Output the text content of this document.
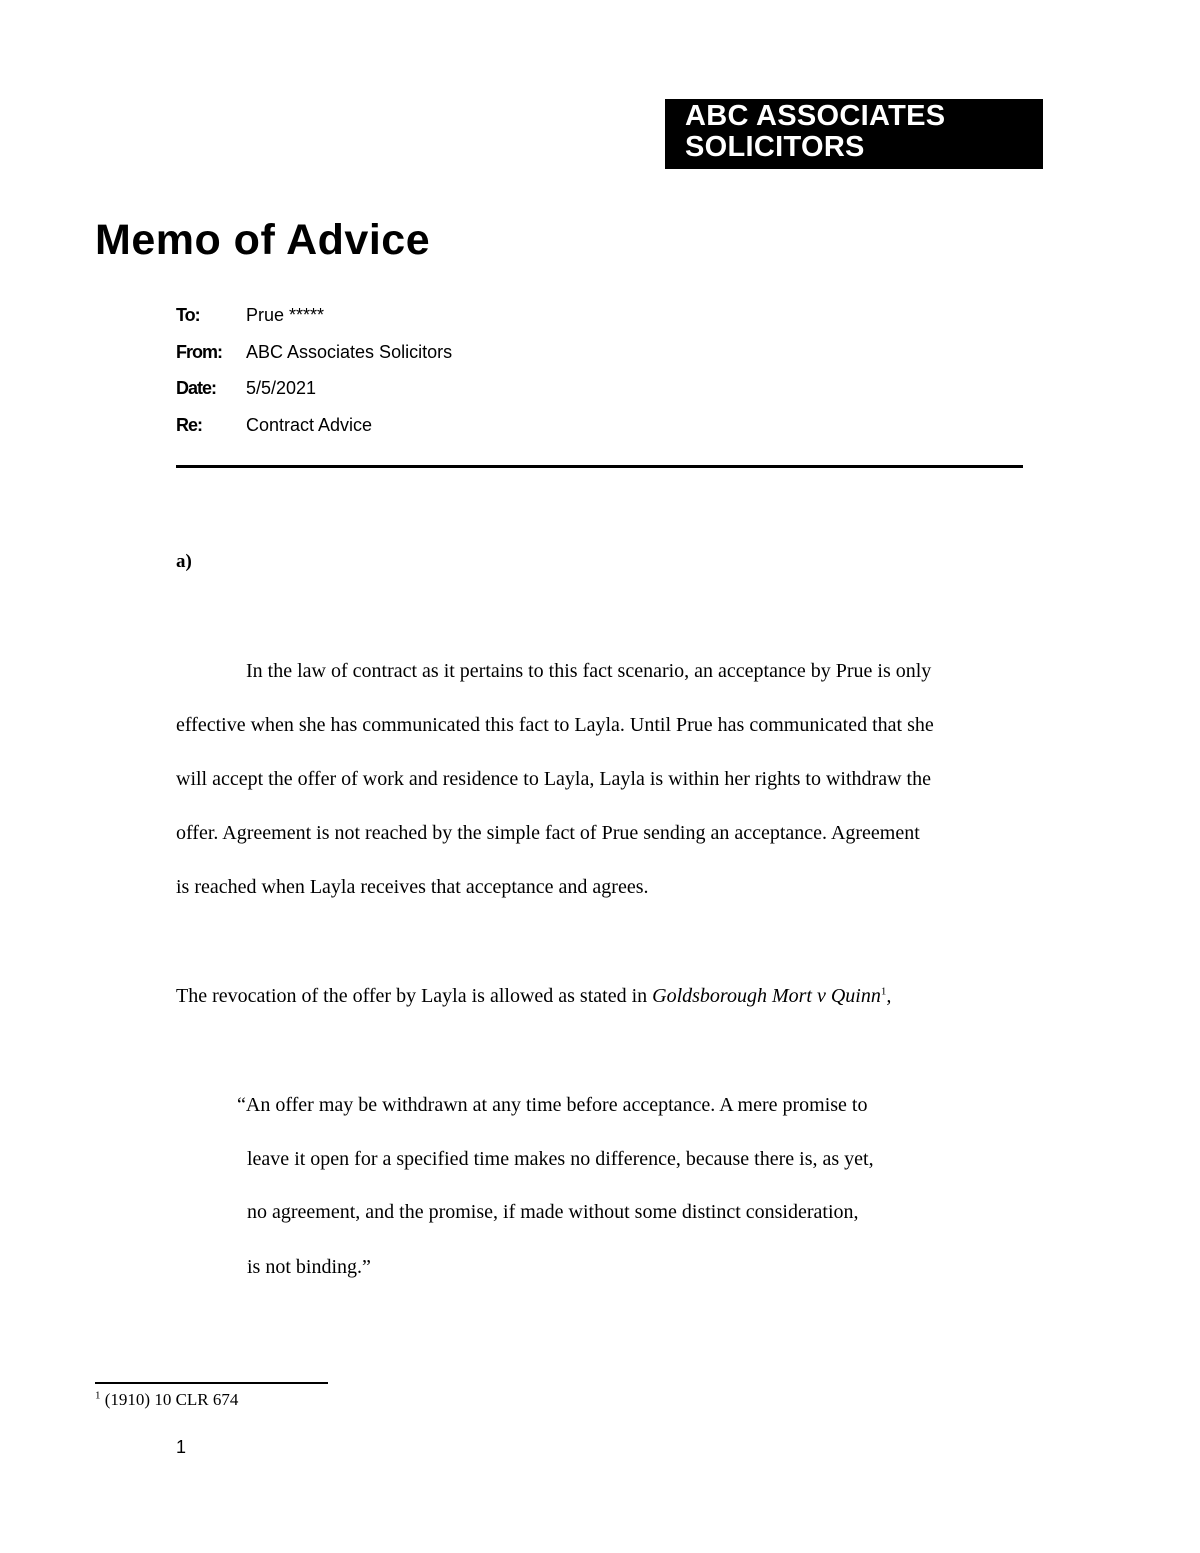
ABC ASSOCIATES
SOLICITORS
Memo of Advice
To:	Prue *****
From: ABC Associates Solicitors
Date: 5/5/2021
Re: Contract Advice
a)
In the law of contract as it pertains to this fact scenario, an acceptance by Prue is only
effective when she has communicated this fact to Layla. Until Prue has communicated that she
will accept the offer of work and residence to Layla, Layla is within her rights to withdraw the
offer. Agreement is not reached by the simple fact of Prue sending an acceptance. Agreement
is reached when Layla receives that acceptance and agrees.
The revocation of the offer by Layla is allowed as stated in Goldsborough Mort v Quinn$^1$,
“An offer may be withdrawn at any time before acceptance. A mere promise to
leave it open for a specified time makes no difference, because there is, as yet,
no agreement, and the promise, if made without some distinct consideration,
is not binding.”
$^1$ (1910) 10 CLR 674
1
